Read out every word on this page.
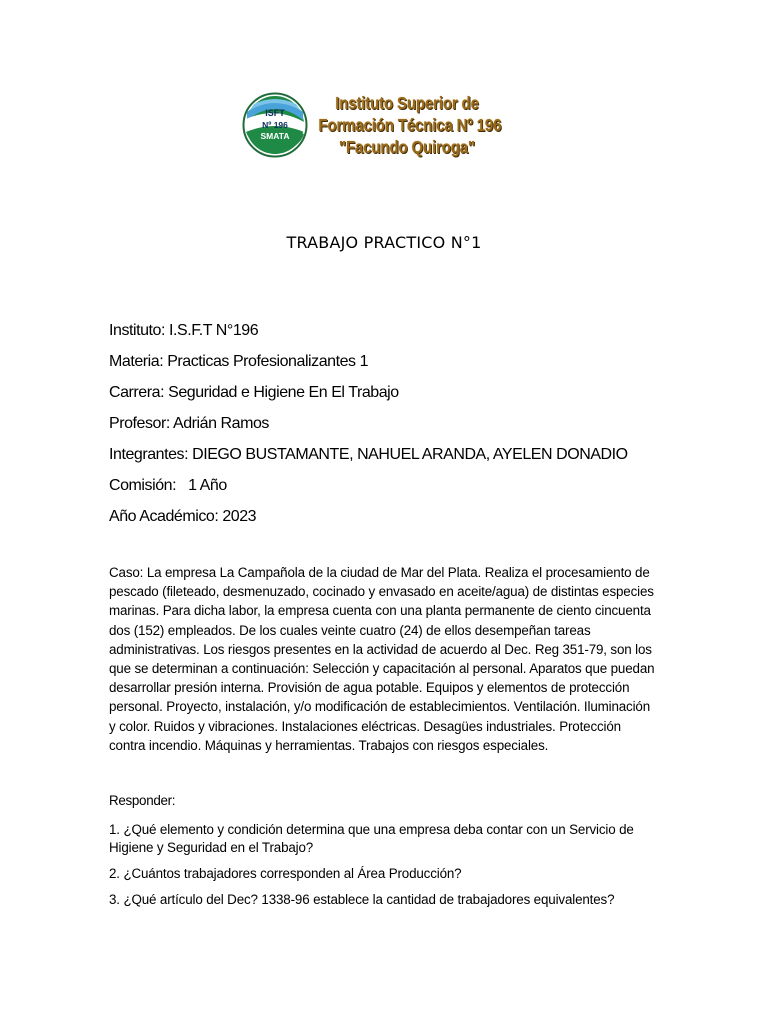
ISFT
Nº 196
SMATA
Instituto Superior de
Formación Técnica Nº 196
"Facundo Quiroga"
TRABAJO PRACTICO N°1
Instituto: I.S.F.T N°196
Materia: Practicas Profesionalizantes 1
Carrera: Seguridad e Higiene En El Trabajo
Profesor: Adrián Ramos
Integrantes: DIEGO BUSTAMANTE, NAHUEL ARANDA, AYELEN DONADIO
Comisión:   1 Año
Año Académico: 2023
Caso: La empresa La Campañola de la ciudad de Mar del Plata. Realiza el procesamiento de pescado (fileteado, desmenuzado, cocinado y envasado en aceite/agua) de distintas especies marinas. Para dicha labor, la empresa cuenta con una planta permanente de ciento cincuenta dos (152) empleados. De los cuales veinte cuatro (24) de ellos desempeñan tareas administrativas. Los riesgos presentes en la actividad de acuerdo al Dec. Reg 351-79, son los que se determinan a continuación: Selección y capacitación al personal. Aparatos que puedan desarrollar presión interna. Provisión de agua potable. Equipos y elementos de protección personal. Proyecto, instalación, y/o modificación de establecimientos. Ventilación. Iluminación y color. Ruidos y vibraciones. Instalaciones eléctricas. Desagües industriales. Protección contra incendio. Máquinas y herramientas. Trabajos con riesgos especiales.
Responder:
1. ¿Qué elemento y condición determina que una empresa deba contar con un Servicio de Higiene y Seguridad en el Trabajo?
2. ¿Cuántos trabajadores corresponden al Área Producción?
3. ¿Qué artículo del Dec? 1338-96 establece la cantidad de trabajadores equivalentes?
